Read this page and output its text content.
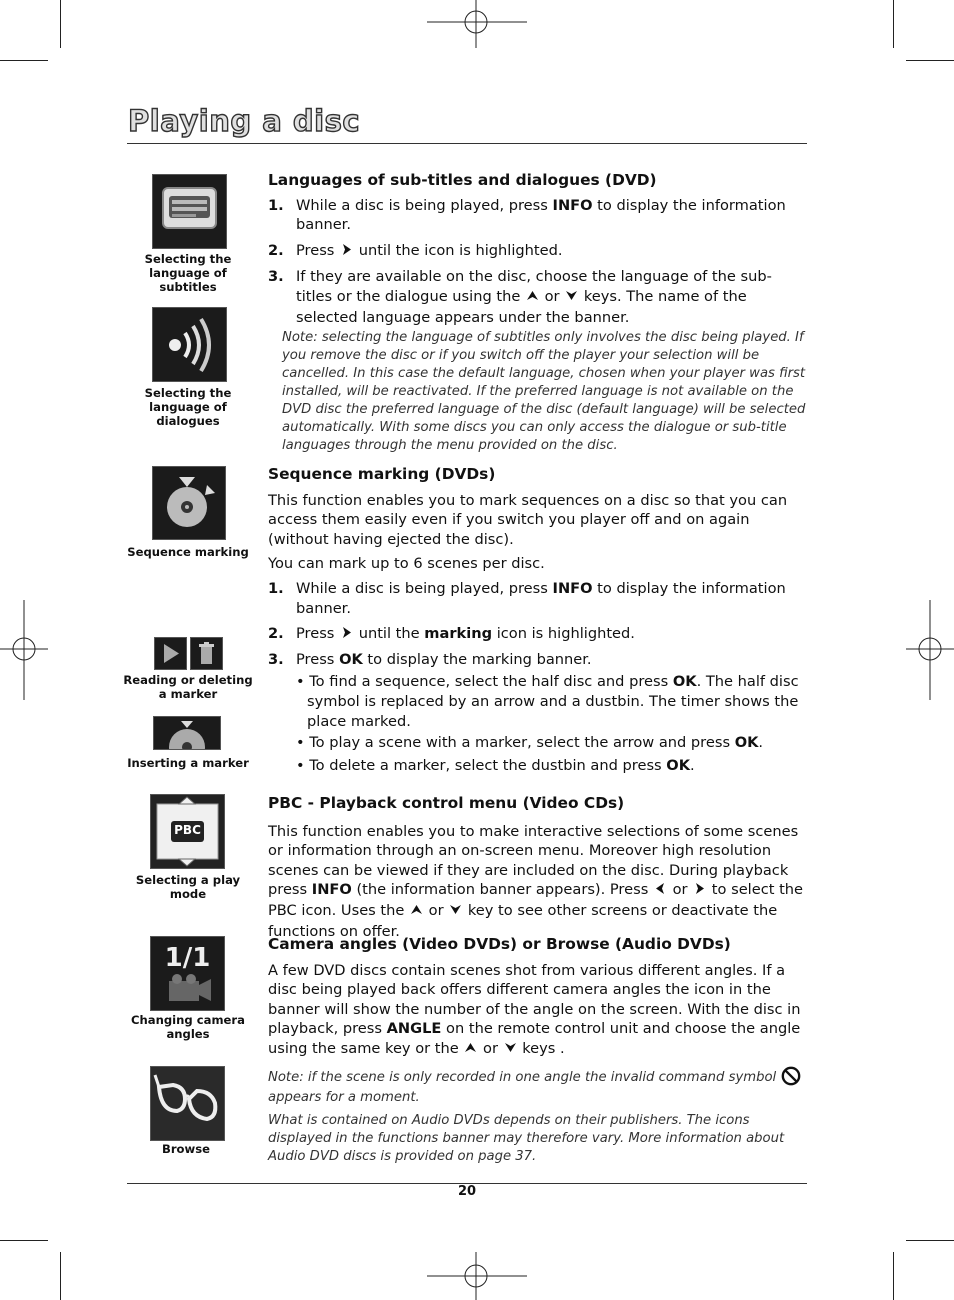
Playing a disc
Selecting the language of subtitles
Selecting the language of dialogues
Sequence marking
Reading or deleting a marker
Inserting a marker
PBC
Selecting a play mode
1/1
Changing camera angles
Browse

Languages of sub-titles and dialogues (DVD)

1. While a disc is being played, press INFO to display the information banner.

2. Press  until the icon is highlighted.

3. If they are available on the disc, choose the language of the sub-titles or the dialogue using the  or  keys. The name of the selected language appears under the banner.

Note: selecting the language of subtitles only involves the disc being played. If you remove the disc or if you switch off the player your selection will be cancelled. In this case the default language, chosen when your player was first installed, will be reactivated. If the preferred language is not available on the DVD disc the preferred language of the disc (default language) will be selected automatically. With some discs you can only access the dialogue or sub-title languages through the menu provided on the disc.

Sequence marking (DVDs)

This function enables you to mark sequences on a disc so that you can access them easily even if you switch you player off and on again (without having ejected the disc).

You can mark up to 6 scenes per disc.

1. While a disc is being played, press INFO to display the information banner.

2. Press  until the marking icon is highlighted.

3. Press OK to display the marking banner.

• To find a sequence, select the half disc and press OK. The half disc symbol is replaced by an arrow and a dustbin. The timer shows the place marked.

• To play a scene with a marker, select the arrow and press OK.

• To delete a marker, select the dustbin and press OK.

PBC - Playback control menu (Video CDs)

This function enables you to make interactive selections of some scenes or information through an on-screen menu. Moreover high resolution scenes can be viewed if they are included on the disc. During playback press INFO (the information banner appears). Press  or  to select the PBC icon. Uses the  or  key to see other screens or deactivate the functions on offer.

Camera angles (Video DVDs) or Browse (Audio DVDs)

A few DVD discs contain scenes shot from various different angles. If a disc being played back offers different camera angles the icon in the banner will show the number of the angle on the screen. With the disc in playback, press ANGLE on the remote control unit and choose the angle using the same key or the  or  keys .

Note: if the scene is only recorded in one angle the invalid command symbol appears for a moment.

What is contained on Audio DVDs depends on their publishers. The icons displayed in the functions banner may therefore vary. More information about Audio DVD discs is provided on page 37.

20
